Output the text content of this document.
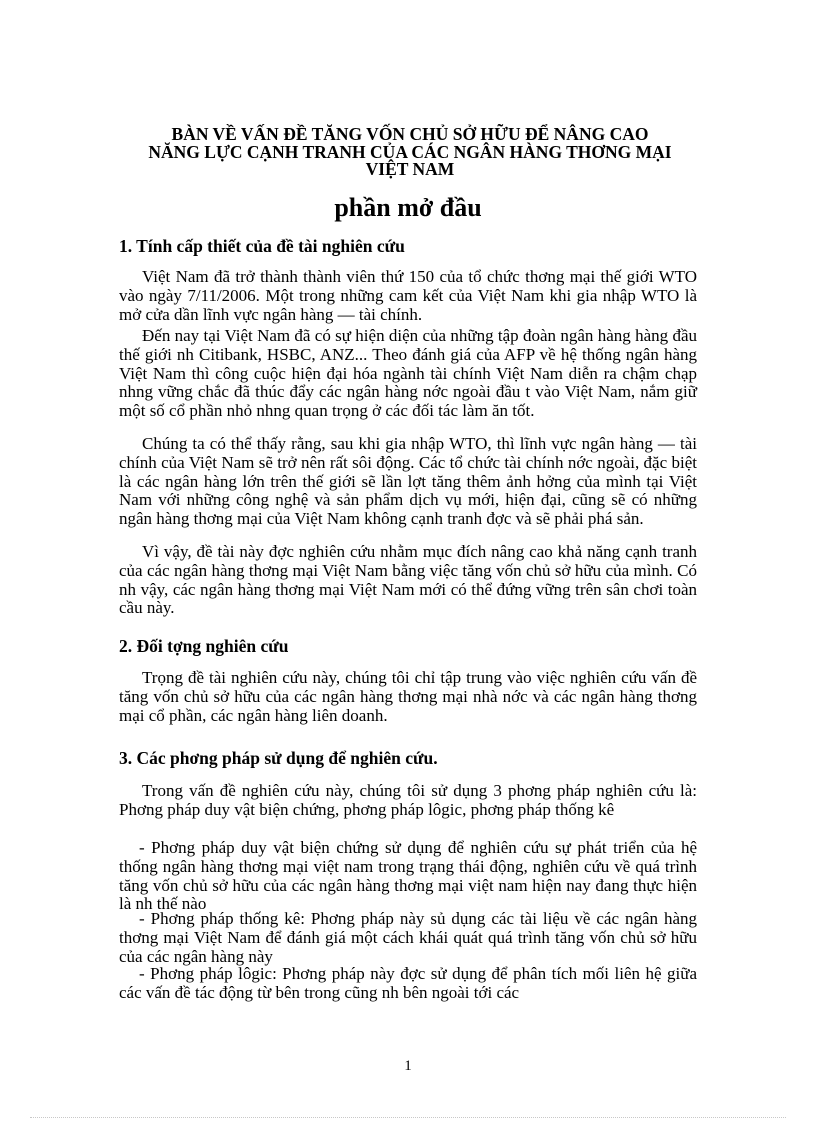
BÀN VỀ VẤN ĐỀ TĂNG VỐN CHỦ SỞ HỮU ĐỂ NÂNG CAO

NĂNG LỰC CẠNH TRANH CỦA CÁC NGÂN HÀNG THƠNG MẠI

VIỆT NAM

phần mở đầu
1. Tính cấp thiết của đề tài nghiên cứu

Việt Nam đã trở thành thành viên thứ 150 của tổ chức thơng mại thế giới WTO vào ngày 7/11/2006. Một trong những cam kết của Việt Nam khi gia nhập WTO là mở cửa dần lĩnh vực ngân hàng — tài chính.

Đến nay tại Việt Nam đã có sự hiện diện của những tập đoàn ngân hàng hàng đầu thế giới nh Citibank, HSBC, ANZ... Theo đánh giá của AFP về hệ thống ngân hàng Việt Nam thì công cuộc hiện đại hóa ngành tài chính Việt Nam diễn ra chậm chạp nhng vững chắc đã thúc đẩy các ngân hàng nớc ngoài đầu t vào Việt Nam, nắm giữ một số cổ phần nhỏ nhng quan trọng ở các đối tác làm ăn tốt.

Chúng ta có thể thấy rằng, sau khi gia nhập WTO, thì lĩnh vực ngân hàng — tài chính của Việt Nam sẽ trở nên rất sôi động. Các tổ chức tài chính nớc ngoài, đặc biệt là các ngân hàng lớn trên thế giới sẽ lần lợt tăng thêm ảnh hởng của mình tại Việt Nam với những công nghệ và sản phẩm dịch vụ mới, hiện đại, cũng sẽ có những ngân hàng thơng mại của Việt Nam không cạnh tranh đợc và sẽ phải phá sản.

Vì vậy, đề tài này đợc nghiên cứu nhằm mục đích nâng cao khả năng cạnh tranh của các ngân hàng thơng mại Việt Nam bằng việc tăng vốn chủ sở hữu của mình. Có nh vậy, các ngân hàng thơng mại Việt Nam mới có thể đứng vững trên sân chơi toàn cầu này.

2. Đối tợng nghiên cứu

Trọng đề tài nghiên cứu này, chúng tôi chỉ tập trung vào việc nghiên cứu vấn đề tăng vốn chủ sở hữu của các ngân hàng thơng mại nhà nớc và các ngân hàng thơng mại cổ phần, các ngân hàng liên doanh.

3. Các phơng pháp sử dụng để nghiên cứu.

Trong vấn đề nghiên cứu này, chúng tôi sử dụng 3 phơng pháp nghiên cứu là: Phơng pháp duy vật biện chứng, phơng pháp lôgic, phơng pháp thống kê

- Phơng pháp duy vật biện chứng sử dụng để nghiên cứu sự phát triển của hệ thống ngân hàng thơng mại việt nam trong trạng thái động, nghiên cứu về quá trình tăng vốn chủ sở hữu của các ngân hàng thơng mại việt nam hiện nay đang thực hiện là nh thế nào

- Phơng pháp thống kê: Phơng pháp này sủ dụng các tài liệu về các ngân hàng thơng mại Việt Nam để đánh giá một cách khái quát quá trình tăng vốn chủ sở hữu của các ngân hàng này

- Phơng pháp lôgic: Phơng pháp này đợc sử dụng để phân tích mối liên hệ giữa các vấn đề tác động từ bên trong cũng nh bên ngoài tới các

1
